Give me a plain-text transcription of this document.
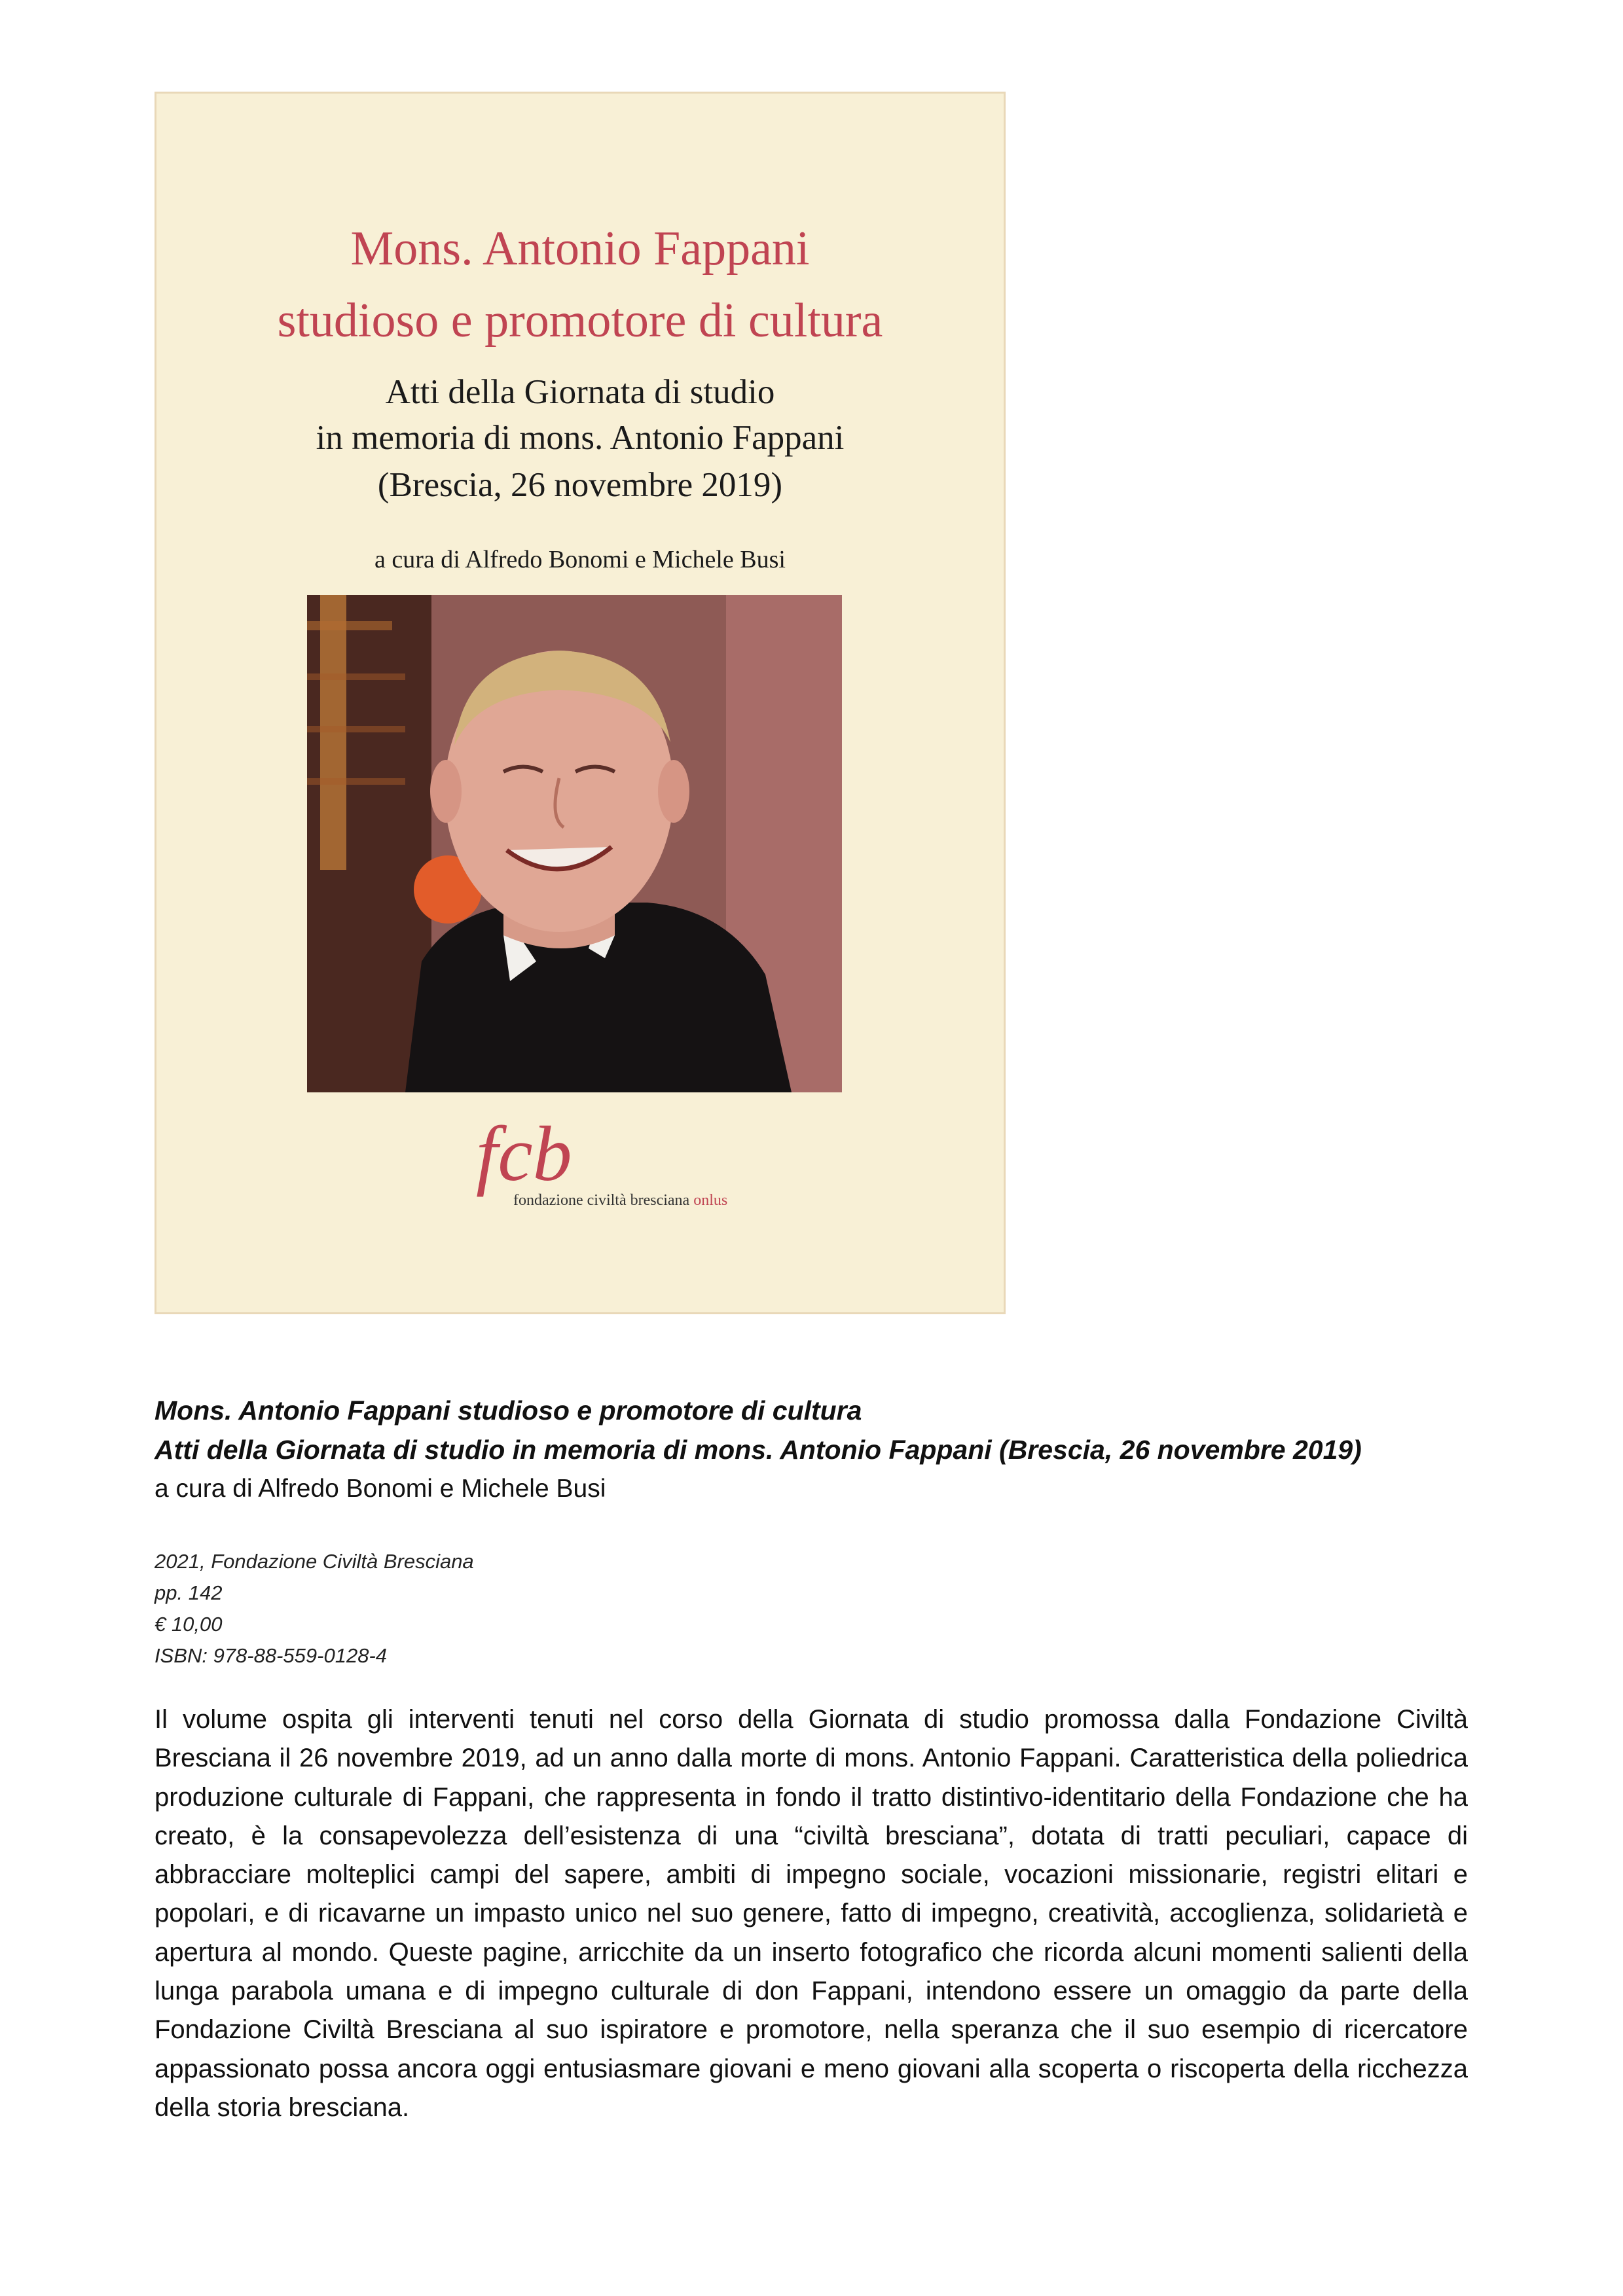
Mons. Antonio Fappani
studioso e promotore di cultura
Atti della Giornata di studio
in memoria di mons. Antonio Fappani
(Brescia, 26 novembre 2019)
a cura di Alfredo Bonomi e Michele Busi
fcb
fondazione civiltà bresciana onlus
Mons. Antonio Fappani studioso e promotore di cultura
Atti della Giornata di studio in memoria di mons. Antonio Fappani (Brescia, 26 novembre 2019)
a cura di Alfredo Bonomi e Michele Busi
2021, Fondazione Civiltà Bresciana
pp. 142
€ 10,00
ISBN: 978-88-559-0128-4
Il volume ospita gli interventi tenuti nel corso della Giornata di studio promossa dalla Fondazione Civiltà Bresciana il 26 novembre 2019, ad un anno dalla morte di mons. Antonio Fappani. Caratteristica della poliedrica produzione culturale di Fappani, che rappresenta in fondo il tratto distintivo-identitario della Fondazione che ha creato, è la consapevolezza dell’esistenza di una “civiltà bresciana”, dotata di tratti peculiari, capace di abbracciare molteplici campi del sapere, ambiti di impegno sociale, vocazioni missionarie, registri elitari e popolari, e di ricavarne un impasto unico nel suo genere, fatto di impegno, creatività, accoglienza, solidarietà e apertura al mondo. Queste pagine, arricchite da un inserto fotografico che ricorda alcuni momenti salienti della lunga parabola umana e di impegno culturale di don Fappani, intendono essere un omaggio da parte della Fondazione Civiltà Bresciana al suo ispiratore e promotore, nella speranza che il suo esempio di ricercatore appassionato possa ancora oggi entusiasmare giovani e meno giovani alla scoperta o riscoperta della ricchezza della storia bresciana.
